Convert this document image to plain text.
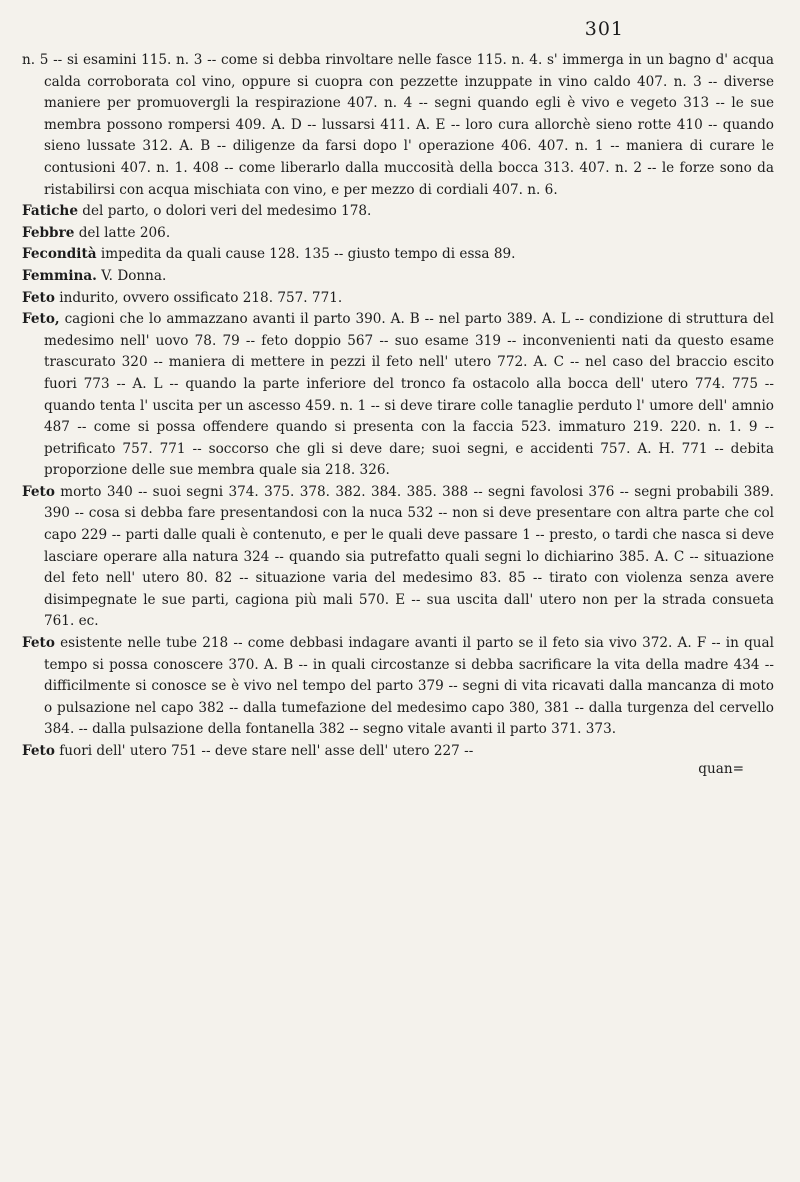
301

n. 5 -- si esamini 115. n. 3 -- come si debba rinvoltare nelle fasce 115. n. 4. s' immerga in un bagno d' acqua calda corroborata col vino, oppure si cuopra con pezzette inzuppate in vino caldo 407. n. 3 -- diverse maniere per promuovergli la respirazione 407. n. 4 -- segni quando egli è vivo e vegeto 313 -- le sue membra possono rompersi 409. A. D -- lussarsi 411. A. E -- loro cura allorchè sieno rotte 410 -- quando sieno lussate 312. A. B -- diligenze da farsi dopo l' operazione 406. 407. n. 1 -- maniera di curare le contusioni 407. n. 1. 408 -- come liberarlo dalla muccosità della bocca 313. 407. n. 2 -- le forze sono da ristabilirsi con acqua mischiata con vino, e per mezzo di cordiali 407. n. 6.

Fatiche del parto, o dolori veri del medesimo 178.

Febbre del latte 206.

Fecondità impedita da quali cause 128. 135 -- giusto tempo di essa 89.

Femmina. V. Donna.

Feto indurito, ovvero ossificato 218. 757. 771.

Feto, cagioni che lo ammazzano avanti il parto 390. A. B -- nel parto 389. A. L -- condizione di struttura del medesimo nell' uovo 78. 79 -- feto doppio 567 -- suo esame 319 -- inconvenienti nati da questo esame trascurato 320 -- maniera di mettere in pezzi il feto nell' utero 772. A. C -- nel caso del braccio escito fuori 773 -- A. L -- quando la parte inferiore del tronco fa ostacolo alla bocca dell' utero 774. 775 -- quando tenta l' uscita per un ascesso 459. n. 1 -- si deve tirare colle tanaglie perduto l' umore dell' amnio 487 -- come si possa offendere quando si presenta con la faccia 523. immaturo 219. 220. n. 1. 9 -- petrificato 757. 771 -- soccorso che gli si deve dare; suoi segni, e accidenti 757. A. H. 771 -- debita proporzione delle sue membra quale sia 218. 326.

Feto morto 340 -- suoi segni 374. 375. 378. 382. 384. 385. 388 -- segni favolosi 376 -- segni probabili 389. 390 -- cosa si debba fare presentandosi con la nuca 532 -- non si deve presentare con altra parte che col capo 229 -- parti dalle quali è contenuto, e per le quali deve passare 1 -- presto, o tardi che nasca si deve lasciare operare alla natura 324 -- quando sia putrefatto quali segni lo dichiarino 385. A. C -- situazione del feto nell' utero 80. 82 -- situazione varia del medesimo 83. 85 -- tirato con violenza senza avere disimpegnate le sue parti, cagiona più mali 570. E -- sua uscita dall' utero non per la strada consueta 761. ec.

Feto esistente nelle tube 218 -- come debbasi indagare avanti il parto se il feto sia vivo 372. A. F -- in qual tempo si possa conoscere 370. A. B -- in quali circostanze si debba sacrificare la vita della madre 434 -- difficilmente si conosce se è vivo nel tempo del parto 379 -- segni di vita ricavati dalla mancanza di moto o pulsazione nel capo 382 -- dalla tumefazione del medesimo capo 380, 381 -- dalla turgenza del cervello 384. -- dalla pulsazione della fontanella 382 -- segno vitale avanti il parto 371. 373.

Feto fuori dell' utero 751 -- deve stare nell' asse dell' utero 227 --

quan=
